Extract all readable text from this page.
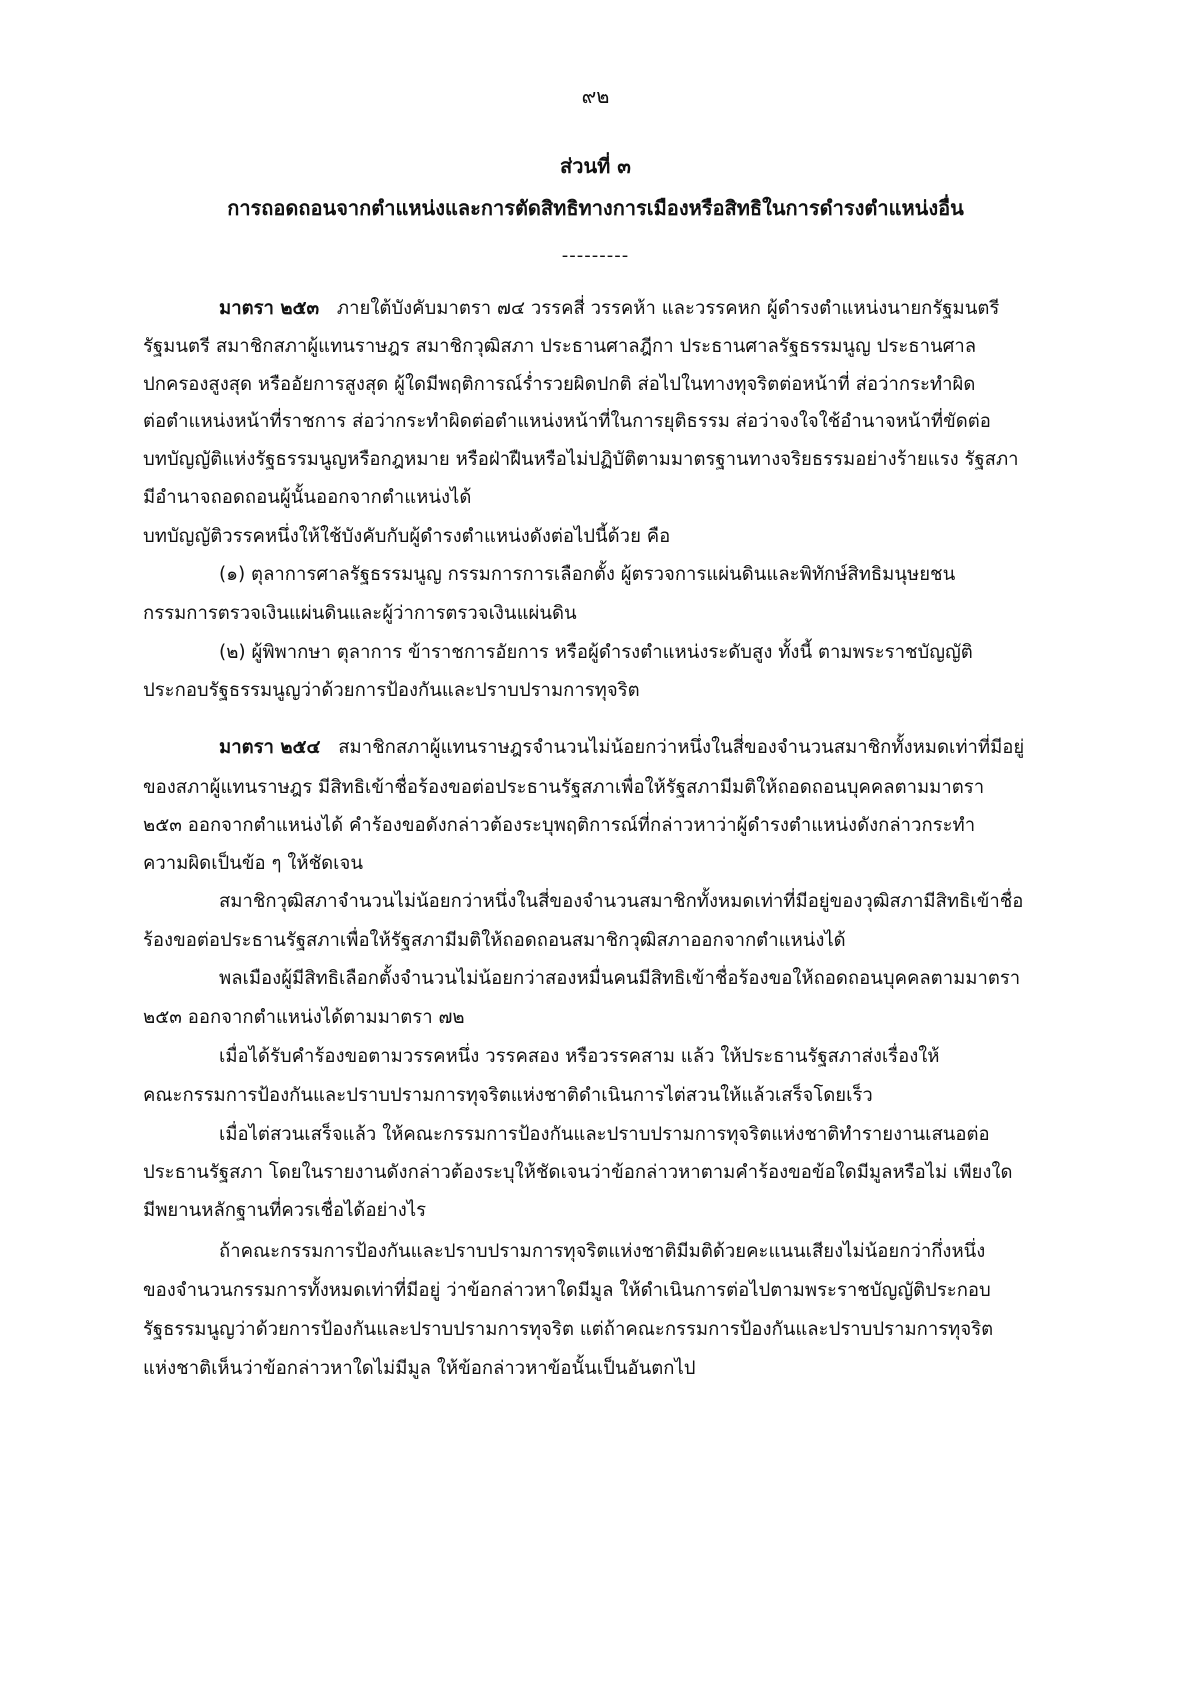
๙๒
ส่วนที่ ๓
การถอดถอนจากตำแหน่งและการตัดสิทธิทางการเมืองหรือสิทธิในการดำรงตำแหน่งอื่น
---------
มาตรา ๒๕๓ ภายใต้บังคับมาตรา ๗๔ วรรคสี่ วรรคห้า และวรรคหก ผู้ดำรงตำแหน่งนายกรัฐมนตรี
รัฐมนตรี สมาชิกสภาผู้แทนราษฎร สมาชิกวุฒิสภา ประธานศาลฎีกา ประธานศาลรัฐธรรมนูญ ประธานศาล
ปกครองสูงสุด หรืออัยการสูงสุด ผู้ใดมีพฤติการณ์ร่ำรวยผิดปกติ ส่อไปในทางทุจริตต่อหน้าที่ ส่อว่ากระทำผิด
ต่อตำแหน่งหน้าที่ราชการ ส่อว่ากระทำผิดต่อตำแหน่งหน้าที่ในการยุติธรรม ส่อว่าจงใจใช้อำนาจหน้าที่ขัดต่อ
บทบัญญัติแห่งรัฐธรรมนูญหรือกฎหมาย หรือฝ่าฝืนหรือไม่ปฏิบัติตามมาตรฐานทางจริยธรรมอย่างร้ายแรง รัฐสภา
มีอำนาจถอดถอนผู้นั้นออกจากตำแหน่งได้
บทบัญญัติวรรคหนึ่งให้ใช้บังคับกับผู้ดำรงตำแหน่งดังต่อไปนี้ด้วย คือ
(๑) ตุลาการศาลรัฐธรรมนูญ กรรมการการเลือกตั้ง ผู้ตรวจการแผ่นดินและพิทักษ์สิทธิมนุษยชน
กรรมการตรวจเงินแผ่นดินและผู้ว่าการตรวจเงินแผ่นดิน
(๒) ผู้พิพากษา ตุลาการ ข้าราชการอัยการ หรือผู้ดำรงตำแหน่งระดับสูง ทั้งนี้ ตามพระราชบัญญัติ
ประกอบรัฐธรรมนูญว่าด้วยการป้องกันและปราบปรามการทุจริต
มาตรา ๒๕๔ สมาชิกสภาผู้แทนราษฎรจำนวนไม่น้อยกว่าหนึ่งในสี่ของจำนวนสมาชิกทั้งหมดเท่าที่มีอยู่
ของสภาผู้แทนราษฎร มีสิทธิเข้าชื่อร้องขอต่อประธานรัฐสภาเพื่อให้รัฐสภามีมติให้ถอดถอนบุคคลตามมาตรา
๒๕๓ ออกจากตำแหน่งได้ คำร้องขอดังกล่าวต้องระบุพฤติการณ์ที่กล่าวหาว่าผู้ดำรงตำแหน่งดังกล่าวกระทำ
ความผิดเป็นข้อ ๆ ให้ชัดเจน
สมาชิกวุฒิสภาจำนวนไม่น้อยกว่าหนึ่งในสี่ของจำนวนสมาชิกทั้งหมดเท่าที่มีอยู่ของวุฒิสภามีสิทธิเข้าชื่อ
ร้องขอต่อประธานรัฐสภาเพื่อให้รัฐสภามีมติให้ถอดถอนสมาชิกวุฒิสภาออกจากตำแหน่งได้
พลเมืองผู้มีสิทธิเลือกตั้งจำนวนไม่น้อยกว่าสองหมื่นคนมีสิทธิเข้าชื่อร้องขอให้ถอดถอนบุคคลตามมาตรา
๒๕๓ ออกจากตำแหน่งได้ตามมาตรา ๗๒
เมื่อได้รับคำร้องขอตามวรรคหนึ่ง วรรคสอง หรือวรรคสาม แล้ว ให้ประธานรัฐสภาส่งเรื่องให้
คณะกรรมการป้องกันและปราบปรามการทุจริตแห่งชาติดำเนินการไต่สวนให้แล้วเสร็จโดยเร็ว
เมื่อไต่สวนเสร็จแล้ว ให้คณะกรรมการป้องกันและปราบปรามการทุจริตแห่งชาติทำรายงานเสนอต่อ
ประธานรัฐสภา โดยในรายงานดังกล่าวต้องระบุให้ชัดเจนว่าข้อกล่าวหาตามคำร้องขอข้อใดมีมูลหรือไม่ เพียงใด
มีพยานหลักฐานที่ควรเชื่อได้อย่างไร
ถ้าคณะกรรมการป้องกันและปราบปรามการทุจริตแห่งชาติมีมติด้วยคะแนนเสียงไม่น้อยกว่ากึ่งหนึ่ง
ของจำนวนกรรมการทั้งหมดเท่าที่มีอยู่ ว่าข้อกล่าวหาใดมีมูล ให้ดำเนินการต่อไปตามพระราชบัญญัติประกอบ
รัฐธรรมนูญว่าด้วยการป้องกันและปราบปรามการทุจริต แต่ถ้าคณะกรรมการป้องกันและปราบปรามการทุจริต
แห่งชาติเห็นว่าข้อกล่าวหาใดไม่มีมูล ให้ข้อกล่าวหาข้อนั้นเป็นอันตกไป
